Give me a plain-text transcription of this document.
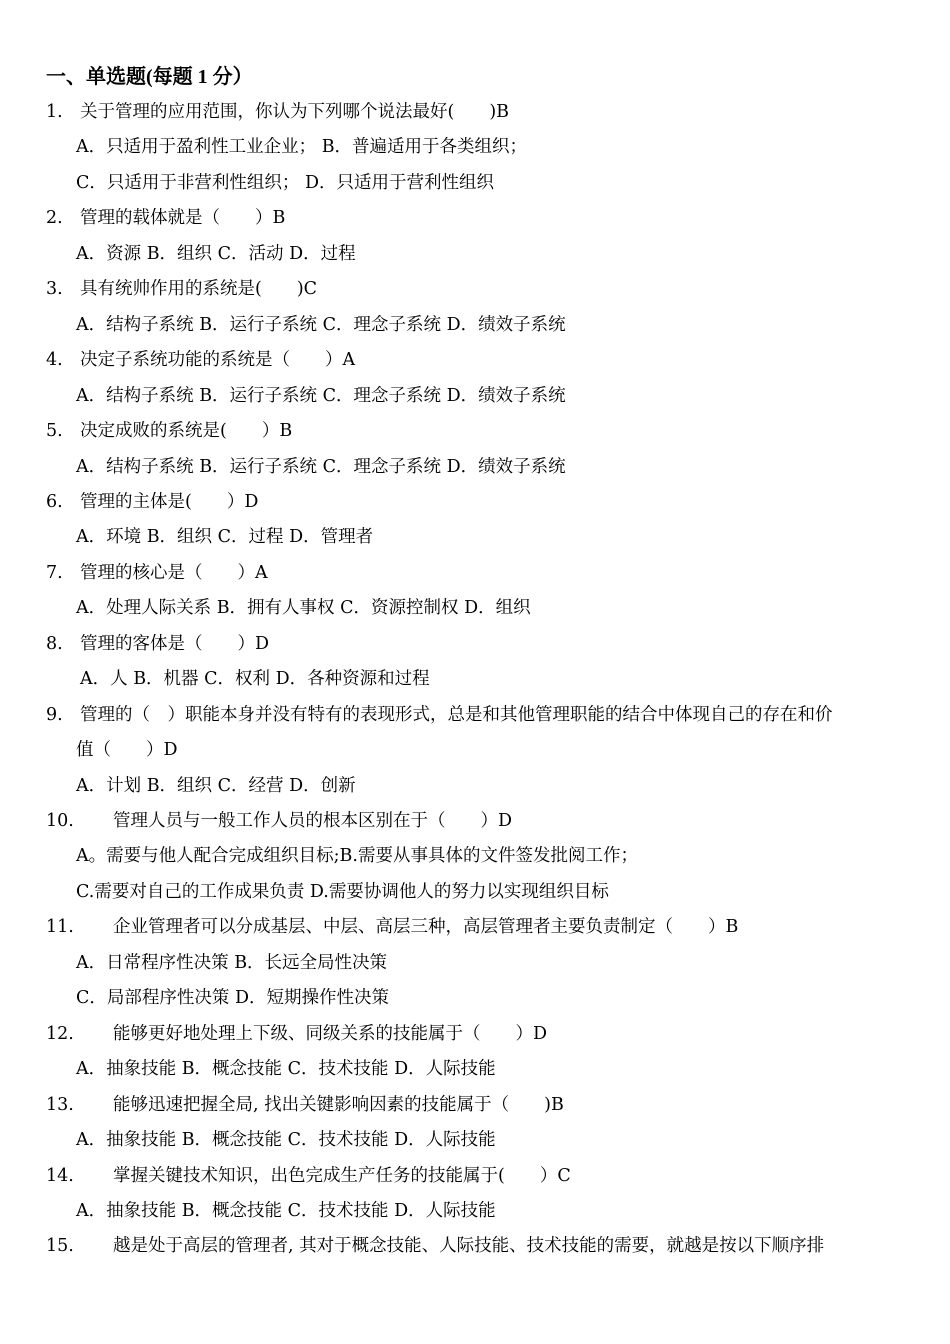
一、单选题(每题 1 分）
1. 关于管理的应用范围，你认为下列哪个说法最好(　　)B
A．只适用于盈利性工业企业； B．普遍适用于各类组织；
C．只适用于非营利性组织； D．只适用于营利性组织
2. 管理的载体就是（　　）B
A．资源 B．组织 C．活动 D．过程
3. 具有统帅作用的系统是(　　)C
A．结构子系统 B．运行子系统 C．理念子系统 D．绩效子系统
4. 决定子系统功能的系统是（　　）A
A．结构子系统 B．运行子系统 C．理念子系统 D．绩效子系统
5. 决定成败的系统是(　　）B
A．结构子系统 B．运行子系统 C．理念子系统 D．绩效子系统
6. 管理的主体是(　　）D
A．环境 B．组织 C．过程 D．管理者
7. 管理的核心是（　　）A
A．处理人际关系 B．拥有人事权 C．资源控制权 D．组织
8. 管理的客体是（　　）D
A．人 B．机器 C．权利 D．各种资源和过程
9. 管理的（　）职能本身并没有特有的表现形式，总是和其他管理职能的结合中体现自己的存在和价
值（　　）D
A．计划 B．组织 C．经营 D．创新
10. 管理人员与一般工作人员的根本区别在于（　　）D
A。需要与他人配合完成组织目标;B.需要从事具体的文件签发批阅工作；
C.需要对自己的工作成果负责 D.需要协调他人的努力以实现组织目标
11. 企业管理者可以分成基层、中层、高层三种，高层管理者主要负责制定（　　）B
A．日常程序性决策 B．长远全局性决策
C．局部程序性决策 D．短期操作性决策
12. 能够更好地处理上下级、同级关系的技能属于（　　）D
A．抽象技能 B．概念技能 C．技术技能 D．人际技能
13. 能够迅速把握全局, 找出关键影响因素的技能属于（　　)B
A．抽象技能 B．概念技能 C．技术技能 D．人际技能
14. 掌握关键技术知识，出色完成生产任务的技能属于(　　）C
A．抽象技能 B．概念技能 C．技术技能 D．人际技能
15. 越是处于高层的管理者, 其对于概念技能、人际技能、技术技能的需要，就越是按以下顺序排
